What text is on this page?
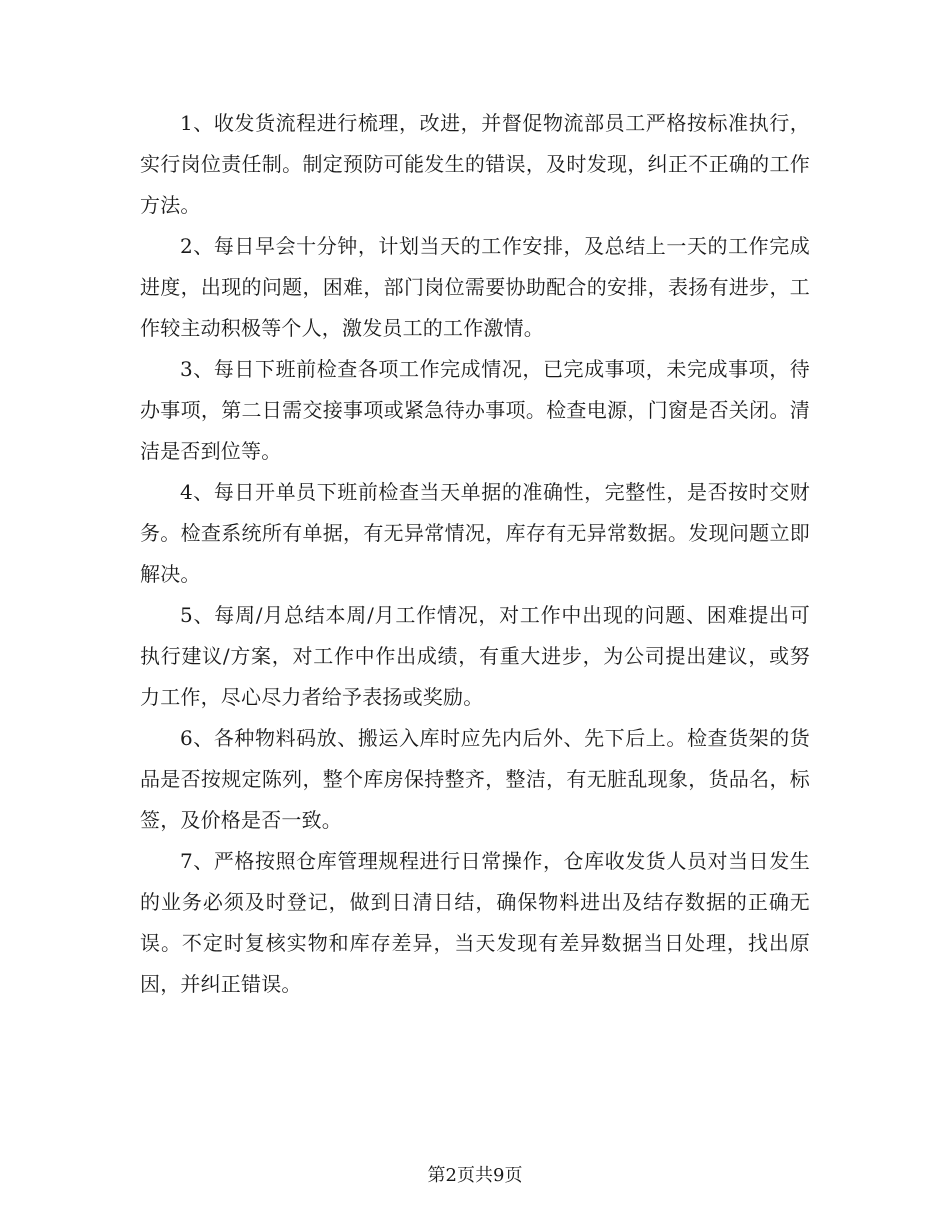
1、收发货流程进行梳理，改进，并督促物流部员工严格按标准执行，实行岗位责任制。制定预防可能发生的错误，及时发现，纠正不正确的工作方法。

2、每日早会十分钟，计划当天的工作安排，及总结上一天的工作完成进度，出现的问题，困难，部门岗位需要协助配合的安排，表扬有进步，工作较主动积极等个人，激发员工的工作激情。

3、每日下班前检查各项工作完成情况，已完成事项，未完成事项，待办事项，第二日需交接事项或紧急待办事项。检查电源，门窗是否关闭。清洁是否到位等。

4、每日开单员下班前检查当天单据的准确性，完整性，是否按时交财务。检查系统所有单据，有无异常情况，库存有无异常数据。发现问题立即解决。

5、每周/月总结本周/月工作情况，对工作中出现的问题、困难提出可执行建议/方案，对工作中作出成绩，有重大进步，为公司提出建议，或努力工作，尽心尽力者给予表扬或奖励。

6、各种物料码放、搬运入库时应先内后外、先下后上。检查货架的货品是否按规定陈列，整个库房保持整齐，整洁，有无脏乱现象，货品名，标签，及价格是否一致。

7、严格按照仓库管理规程进行日常操作，仓库收发货人员对当日发生的业务必须及时登记，做到日清日结，确保物料进出及结存数据的正确无误。不定时复核实物和库存差异，当天发现有差异数据当日处理，找出原因，并纠正错误。

第2页共9页
